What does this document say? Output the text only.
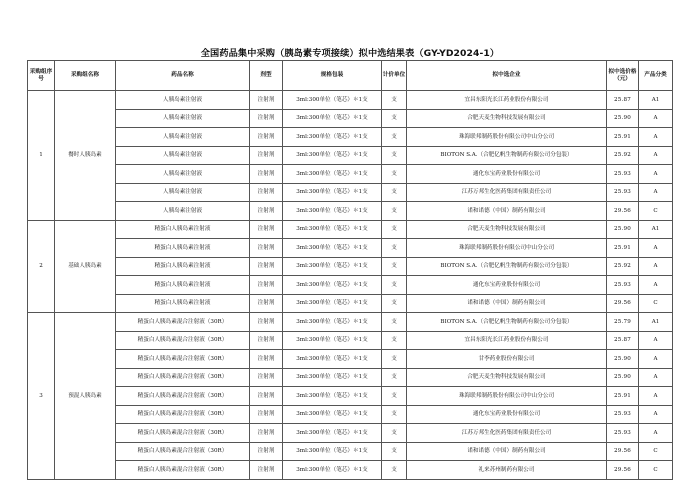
全国药品集中采购（胰岛素专项接续）拟中选结果表（GY-YD2024-1）
采购组序号	采购组名称	药品名称	剂型	规格包装	计价单位	拟中选企业	拟中选价格（元）	产品分类
1	餐时人胰岛素	人胰岛素注射液	注射剂	3ml:300单位（笔芯）＊1支	支	宜昌东阳光长江药业股份有限公司	25.87	A1
		人胰岛素注射液	注射剂	3ml:300单位（笔芯）＊1支	支	合肥天麦生物科技发展有限公司	25.90	A
		人胰岛素注射液	注射剂	3ml:300单位（笔芯）＊1支	支	珠海联邦制药股份有限公司中山分公司	25.91	A
		人胰岛素注射液	注射剂	3ml:300单位（笔芯）＊1支	支	BIOTON S.A.（合肥亿帆生物制药有限公司分包装）	25.92	A
		人胰岛素注射液	注射剂	3ml:300单位（笔芯）＊1支	支	通化东宝药业股份有限公司	25.93	A
		人胰岛素注射液	注射剂	3ml:300单位（笔芯）＊1支	支	江苏万邦生化医药集团有限责任公司	25.93	A
		人胰岛素注射液	注射剂	3ml:300单位（笔芯）＊1支	支	诺和诺德（中国）制药有限公司	29.56	C
2	基础人胰岛素	精蛋白人胰岛素注射液	注射剂	3ml:300单位（笔芯）＊1支	支	合肥天麦生物科技发展有限公司	25.90	A1
		精蛋白人胰岛素注射液	注射剂	3ml:300单位（笔芯）＊1支	支	珠海联邦制药股份有限公司中山分公司	25.91	A
		精蛋白人胰岛素注射液	注射剂	3ml:300单位（笔芯）＊1支	支	BIOTON S.A.（合肥亿帆生物制药有限公司分包装）	25.92	A
		精蛋白人胰岛素注射液	注射剂	3ml:300单位（笔芯）＊1支	支	通化东宝药业股份有限公司	25.93	A
		精蛋白人胰岛素注射液	注射剂	3ml:300单位（笔芯）＊1支	支	诺和诺德（中国）制药有限公司	29.56	C
3	预混人胰岛素	精蛋白人胰岛素混合注射液（30R）	注射剂	3ml:300单位（笔芯）＊1支	支	BIOTON S.A.（合肥亿帆生物制药有限公司分包装）	25.79	A1
		精蛋白人胰岛素混合注射液（30R）	注射剂	3ml:300单位（笔芯）＊1支	支	宜昌东阳光长江药业股份有限公司	25.87	A
		精蛋白人胰岛素混合注射液（30R）	注射剂	3ml:300单位（笔芯）＊1支	支	甘李药业股份有限公司	25.90	A
		精蛋白人胰岛素混合注射液（30R）	注射剂	3ml:300单位（笔芯）＊1支	支	合肥天麦生物科技发展有限公司	25.90	A
		精蛋白人胰岛素混合注射液（30R）	注射剂	3ml:300单位（笔芯）＊1支	支	珠海联邦制药股份有限公司中山分公司	25.91	A
		精蛋白人胰岛素混合注射液（30R）	注射剂	3ml:300单位（笔芯）＊1支	支	通化东宝药业股份有限公司	25.93	A
		精蛋白人胰岛素混合注射液（30R）	注射剂	3ml:300单位（笔芯）＊1支	支	江苏万邦生化医药集团有限责任公司	25.93	A
		精蛋白人胰岛素混合注射液（30R）	注射剂	3ml:300单位（笔芯）＊1支	支	诺和诺德（中国）制药有限公司	29.56	C
		精蛋白人胰岛素混合注射液（30R）	注射剂	3ml:300单位（笔芯）＊1支	支	礼来苏州制药有限公司	29.56	C
